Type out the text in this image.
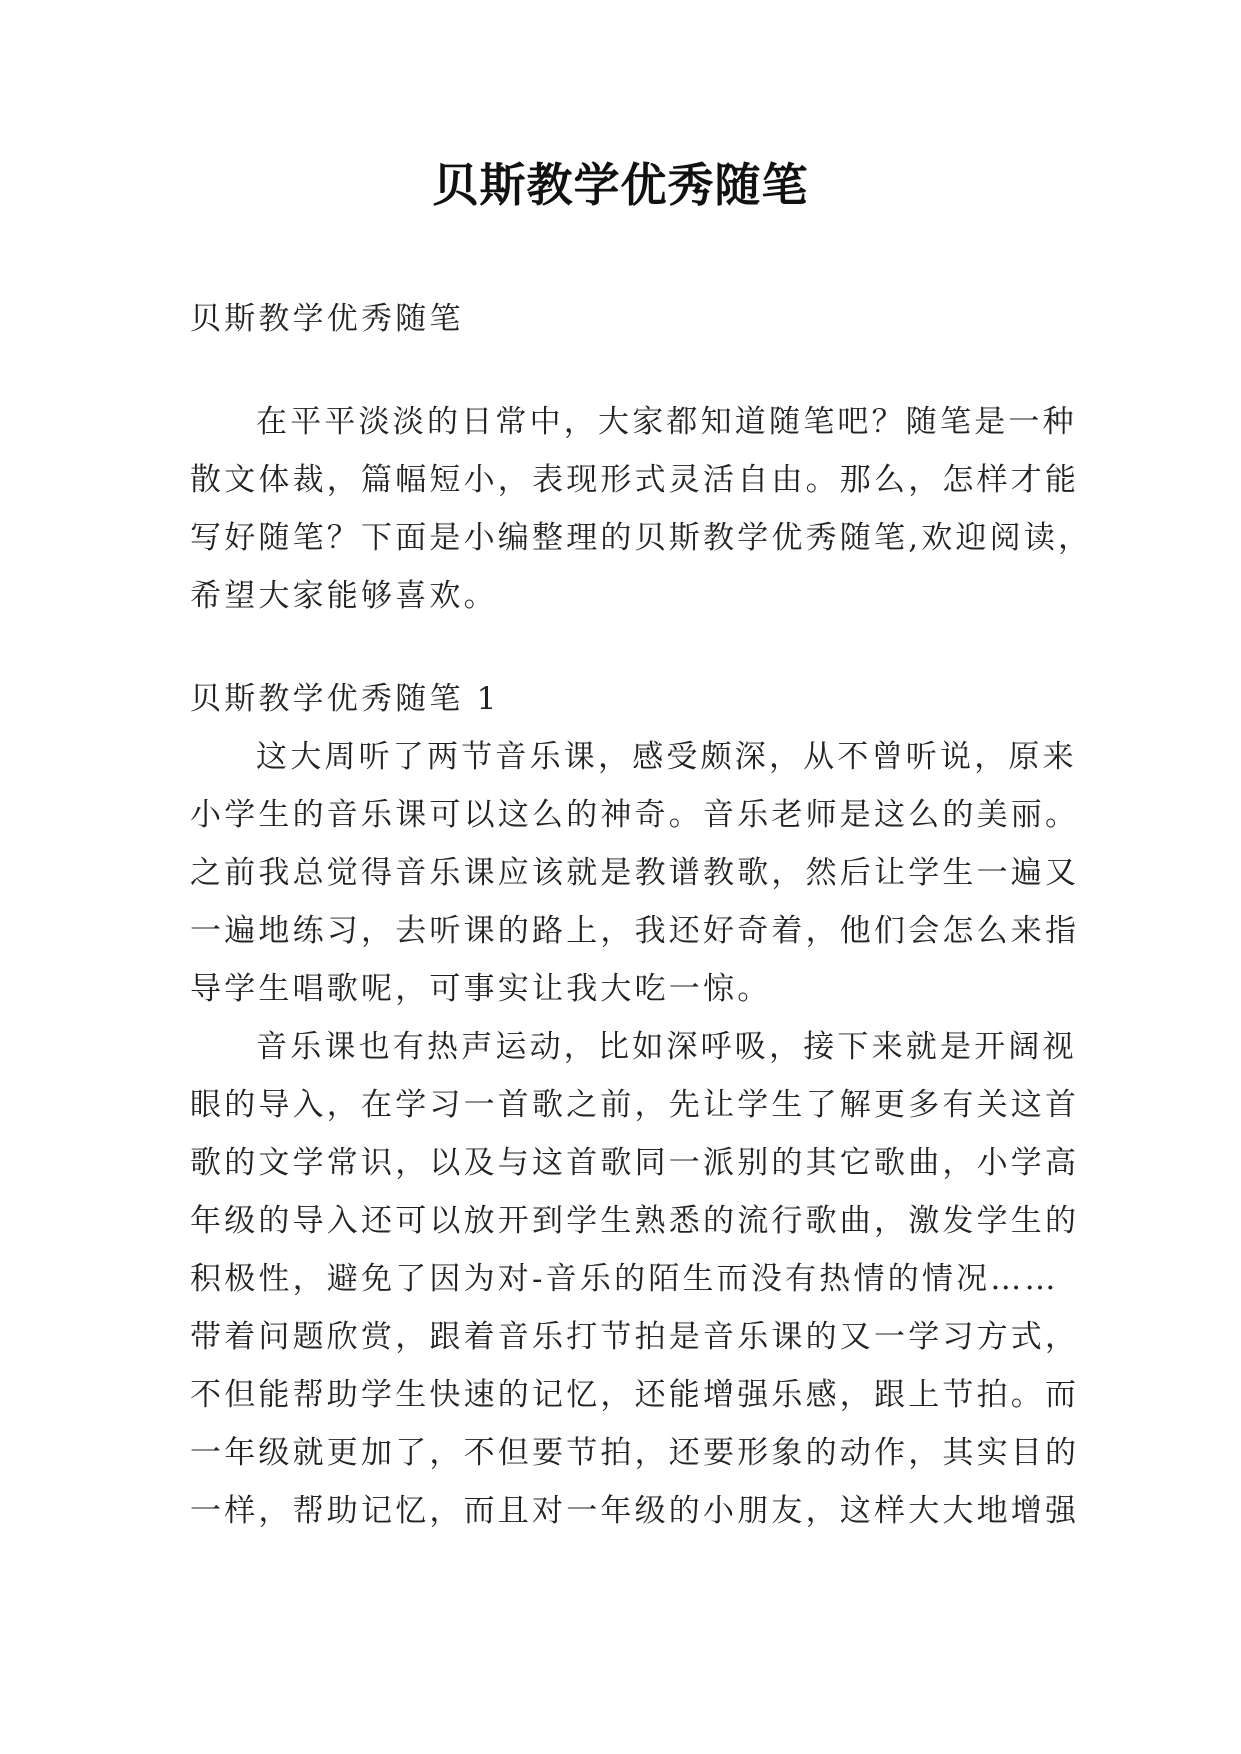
贝斯教学优秀随笔
贝斯教学优秀随笔
在平平淡淡的日常中，大家都知道随笔吧？随笔是一种
散文体裁，篇幅短小，表现形式灵活自由。那么，怎样才能
写好随笔？下面是小编整理的贝斯教学优秀随笔,欢迎阅读，
希望大家能够喜欢。
贝斯教学优秀随笔 1
这大周听了两节音乐课，感受颇深，从不曾听说，原来
小学生的音乐课可以这么的神奇。音乐老师是这么的美丽。
之前我总觉得音乐课应该就是教谱教歌，然后让学生一遍又
一遍地练习，去听课的路上，我还好奇着，他们会怎么来指
导学生唱歌呢，可事实让我大吃一惊。
音乐课也有热声运动，比如深呼吸，接下来就是开阔视
眼的导入，在学习一首歌之前，先让学生了解更多有关这首
歌的文学常识，以及与这首歌同一派别的其它歌曲，小学高
年级的导入还可以放开到学生熟悉的流行歌曲，激发学生的
积极性，避免了因为对-音乐的陌生而没有热情的情况……
带着问题欣赏，跟着音乐打节拍是音乐课的又一学习方式，
不但能帮助学生快速的记忆，还能增强乐感，跟上节拍。而
一年级就更加了，不但要节拍，还要形象的动作，其实目的
一样，帮助记忆，而且对一年级的小朋友，这样大大地增强
